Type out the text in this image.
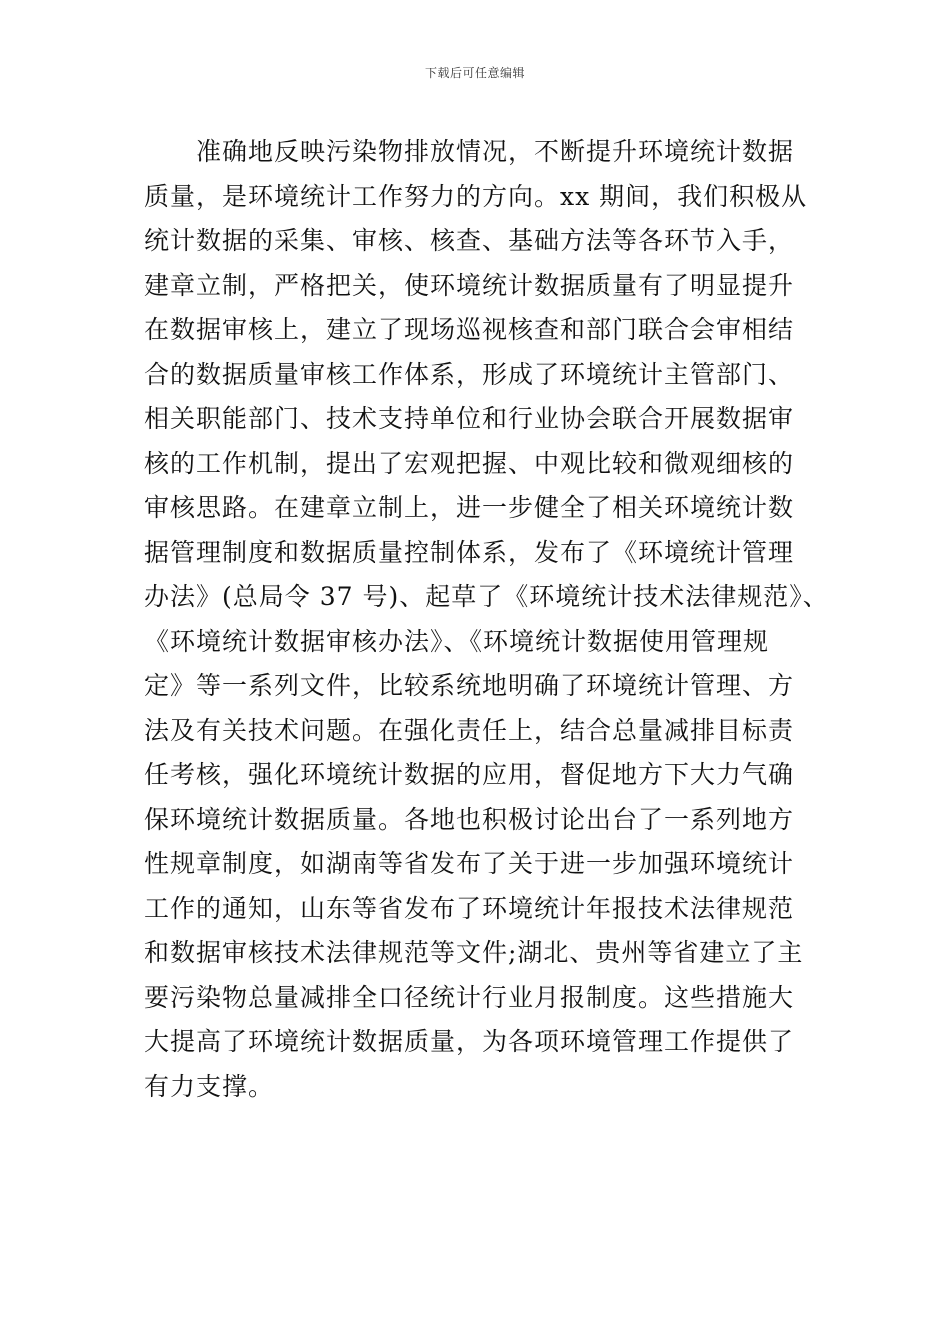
下载后可任意编辑
准确地反映污染物排放情况，不断提升环境统计数据
质量，是环境统计工作努力的方向。xx 期间，我们积极从
统计数据的采集、审核、核查、基础方法等各环节入手，
建章立制，严格把关，使环境统计数据质量有了明显提升
在数据审核上，建立了现场巡视核查和部门联合会审相结
合的数据质量审核工作体系，形成了环境统计主管部门、
相关职能部门、技术支持单位和行业协会联合开展数据审
核的工作机制，提出了宏观把握、中观比较和微观细核的
审核思路。在建章立制上，进一步健全了相关环境统计数
据管理制度和数据质量控制体系，发布了《环境统计管理
办法》(总局令 37 号)、起草了《环境统计技术法律规范》、
《环境统计数据审核办法》、《环境统计数据使用管理规
定》等一系列文件，比较系统地明确了环境统计管理、方
法及有关技术问题。在强化责任上，结合总量减排目标责
任考核，强化环境统计数据的应用，督促地方下大力气确
保环境统计数据质量。各地也积极讨论出台了一系列地方
性规章制度，如湖南等省发布了关于进一步加强环境统计
工作的通知，山东等省发布了环境统计年报技术法律规范
和数据审核技术法律规范等文件;湖北、贵州等省建立了主
要污染物总量减排全口径统计行业月报制度。这些措施大
大提高了环境统计数据质量，为各项环境管理工作提供了
有力支撑。
